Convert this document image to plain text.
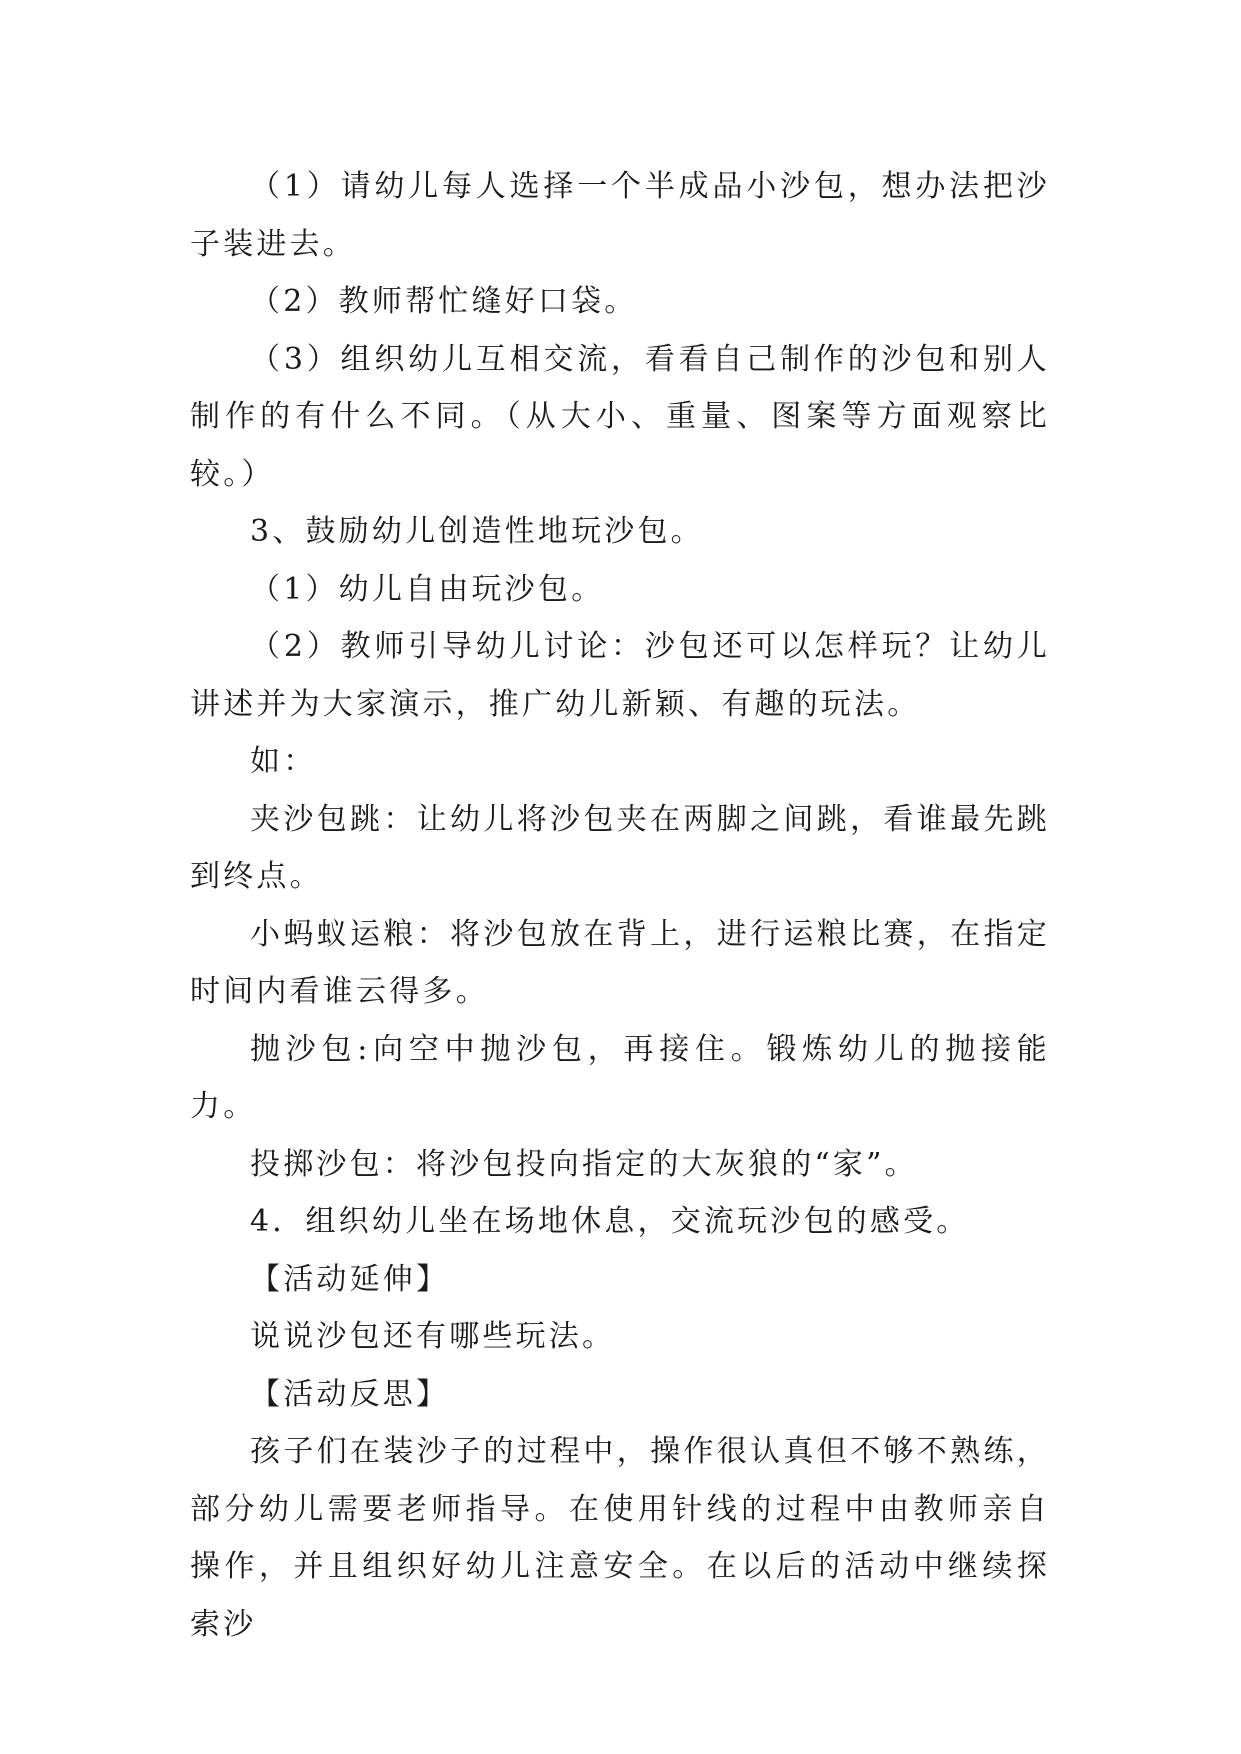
（1）请幼儿每人选择一个半成品小沙包，想办法把沙子装进去。

（2）教师帮忙缝好口袋。

（3）组织幼儿互相交流，看看自己制作的沙包和别人制作的有什么不同。（从大小、重量、图案等方面观察比较。）

3、鼓励幼儿创造性地玩沙包。

（1）幼儿自由玩沙包。

（2）教师引导幼儿讨论：沙包还可以怎样玩？让幼儿讲述并为大家演示，推广幼儿新颖、有趣的玩法。

如：

夹沙包跳：让幼儿将沙包夹在两脚之间跳，看谁最先跳到终点。

小蚂蚁运粮：将沙包放在背上，进行运粮比赛，在指定时间内看谁云得多。

抛沙包:向空中抛沙包，再接住。锻炼幼儿的抛接能力。

投掷沙包：将沙包投向指定的大灰狼的“家”。

4．组织幼儿坐在场地休息，交流玩沙包的感受。

【活动延伸】

说说沙包还有哪些玩法。

【活动反思】

孩子们在装沙子的过程中，操作很认真但不够不熟练，部分幼儿需要老师指导。在使用针线的过程中由教师亲自操作，并且组织好幼儿注意安全。在以后的活动中继续探索沙
